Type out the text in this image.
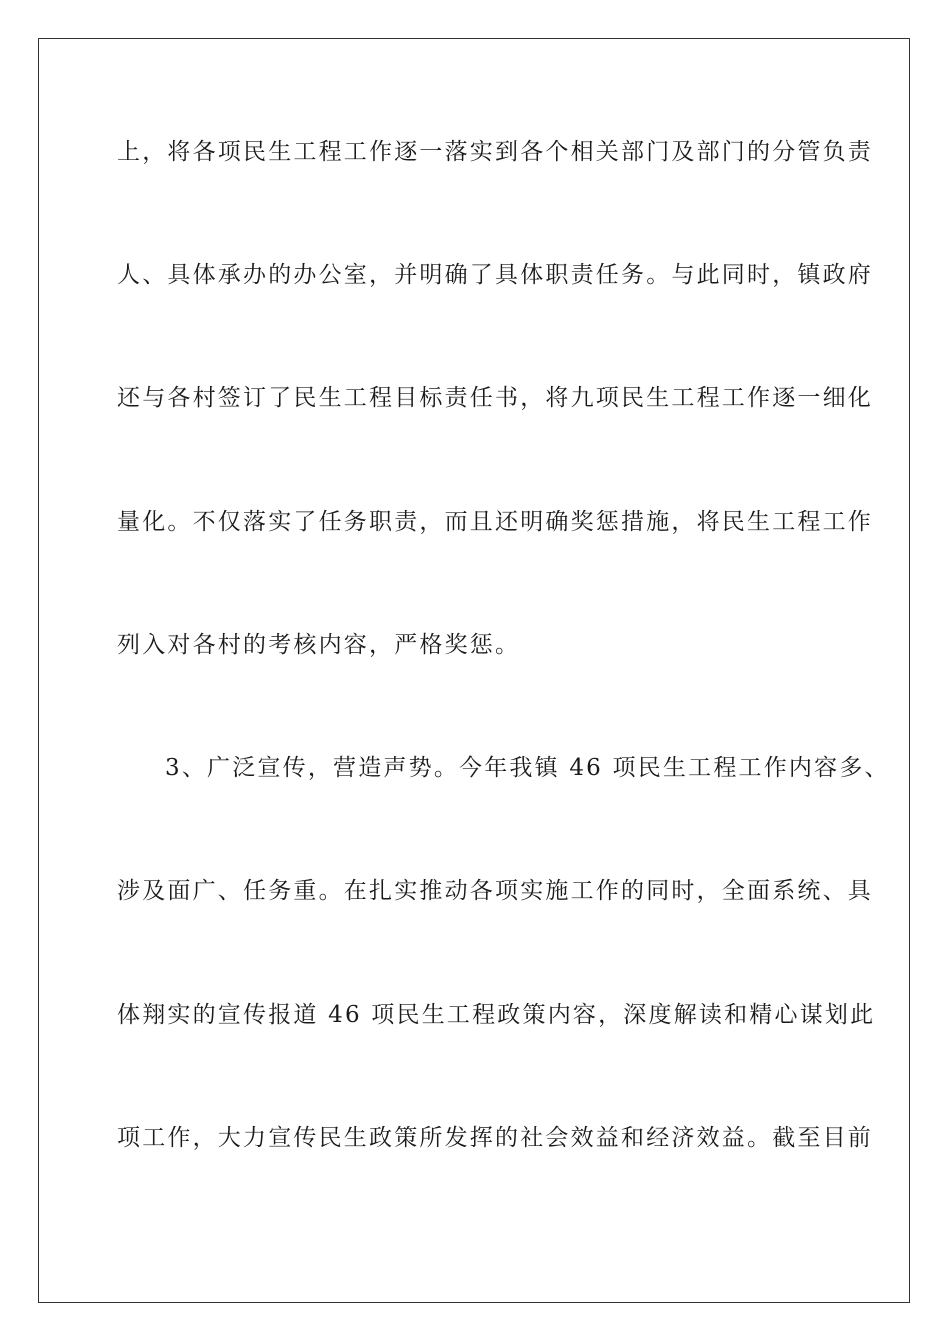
上，将各项民生工程工作逐一落实到各个相关部门及部门的分管负责
人、具体承办的办公室，并明确了具体职责任务。与此同时，镇政府
还与各村签订了民生工程目标责任书，将九项民生工程工作逐一细化
量化。不仅落实了任务职责，而且还明确奖惩措施，将民生工程工作
列入对各村的考核内容，严格奖惩。
3、广泛宣传，营造声势。今年我镇 46 项民生工程工作内容多、
涉及面广、任务重。在扎实推动各项实施工作的同时，全面系统、具
体翔实的宣传报道 46 项民生工程政策内容，深度解读和精心谋划此
项工作，大力宣传民生政策所发挥的社会效益和经济效益。截至目前
